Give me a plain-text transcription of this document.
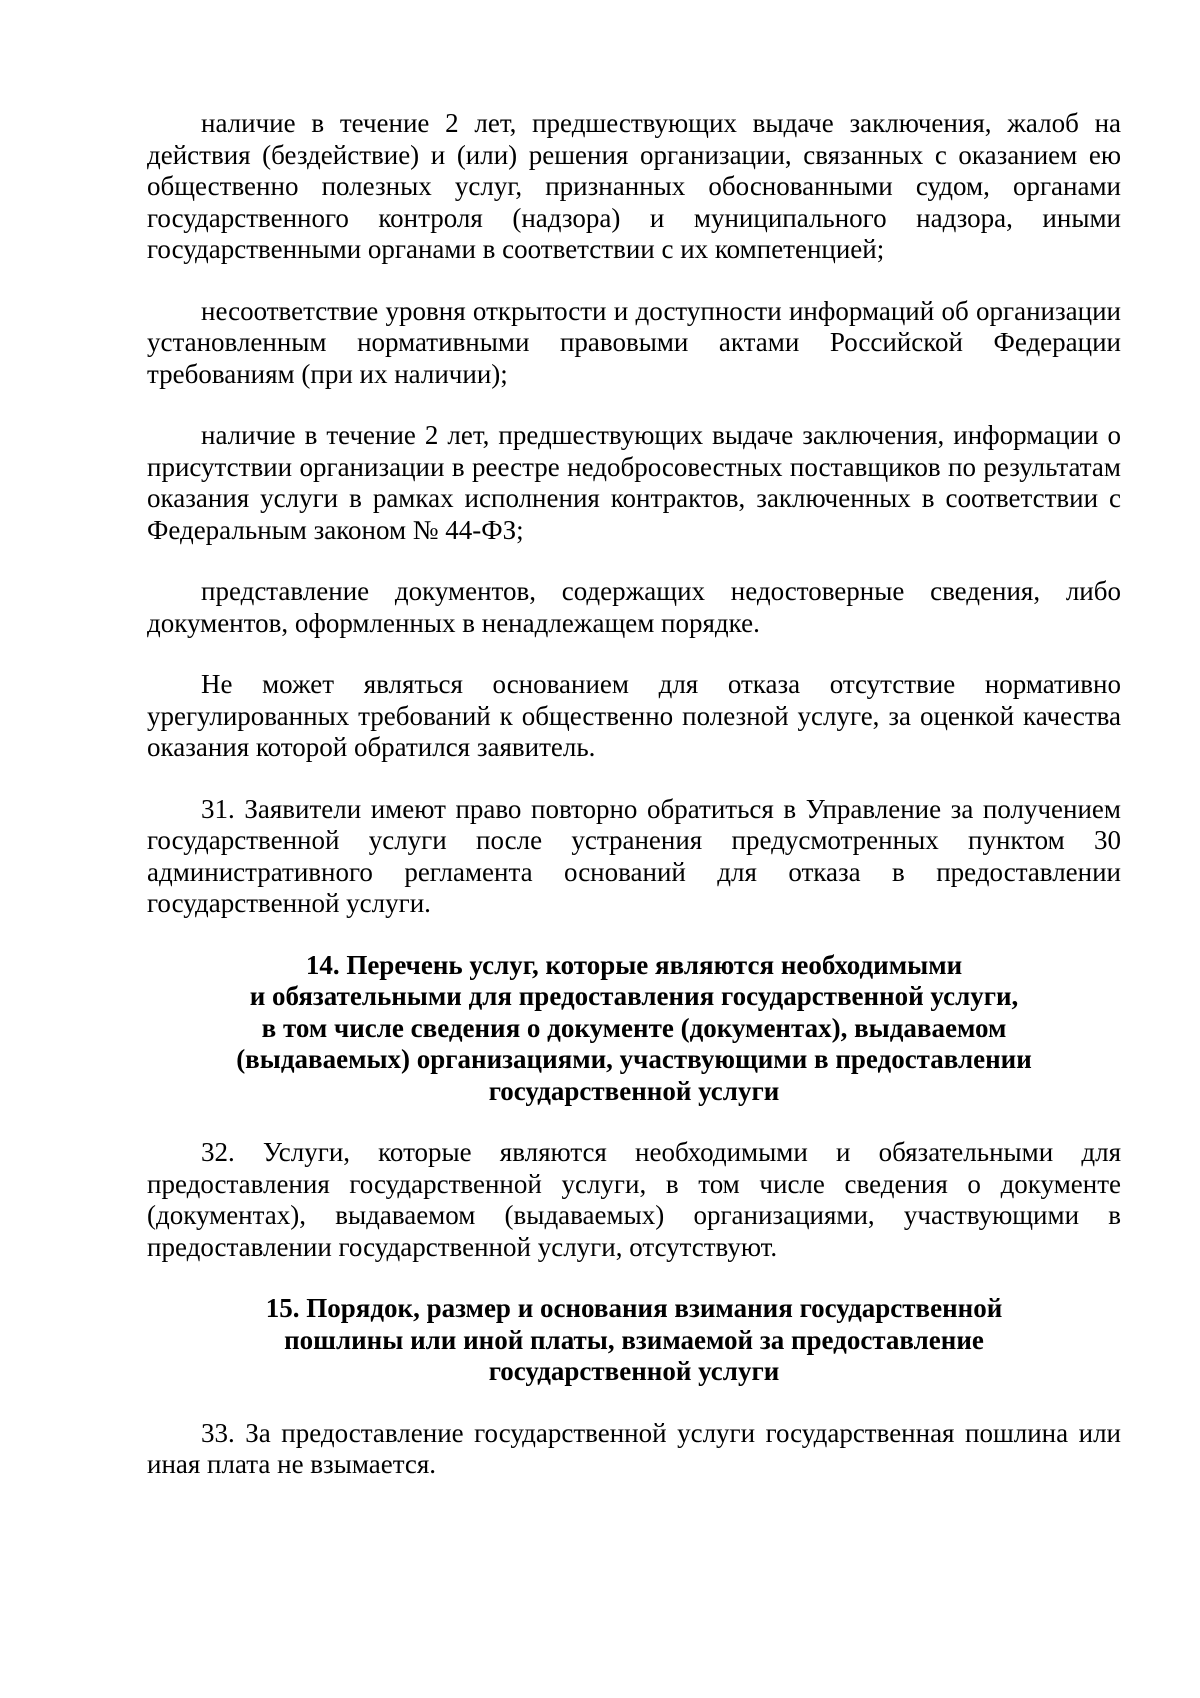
наличие в течение 2 лет, предшествующих выдаче заключения, жалоб на действия (бездействие) и (или) решения организации, связанных с оказанием ею общественно полезных услуг, признанных обоснованными судом, органами государственного контроля (надзора) и муниципального надзора, иными государственными органами в соответствии с их компетенцией;

несоответствие уровня открытости и доступности информаций об организации установленным нормативными правовыми актами Российской Федерации требованиям (при их наличии);

наличие в течение 2 лет, предшествующих выдаче заключения, информации о присутствии организации в реестре недобросовестных поставщиков по результатам оказания услуги в рамках исполнения контрактов, заключенных в соответствии с Федеральным законом № 44-ФЗ;

представление документов, содержащих недостоверные сведения, либо документов, оформленных в ненадлежащем порядке.

Не может являться основанием для отказа отсутствие нормативно урегулированных требований к общественно полезной услуге, за оценкой качества оказания которой обратился заявитель.

31. Заявители имеют право повторно обратиться в Управление за получением государственной услуги после устранения предусмотренных пунктом 30 административного регламента оснований для отказа в предоставлении государственной услуги.

14. Перечень услуг, которые являются необходимыми
и обязательными для предоставления государственной услуги,
в том числе сведения о документе (документах), выдаваемом
(выдаваемых) организациями, участвующими в предоставлении
государственной услуги

32. Услуги, которые являются необходимыми и обязательными для предоставления государственной услуги, в том числе сведения о документе (документах), выдаваемом (выдаваемых) организациями, участвующими в предоставлении государственной услуги, отсутствуют.

15. Порядок, размер и основания взимания государственной
пошлины или иной платы, взимаемой за предоставление
государственной услуги

33. За предоставление государственной услуги государственная пошлина или иная плата не взымается.
